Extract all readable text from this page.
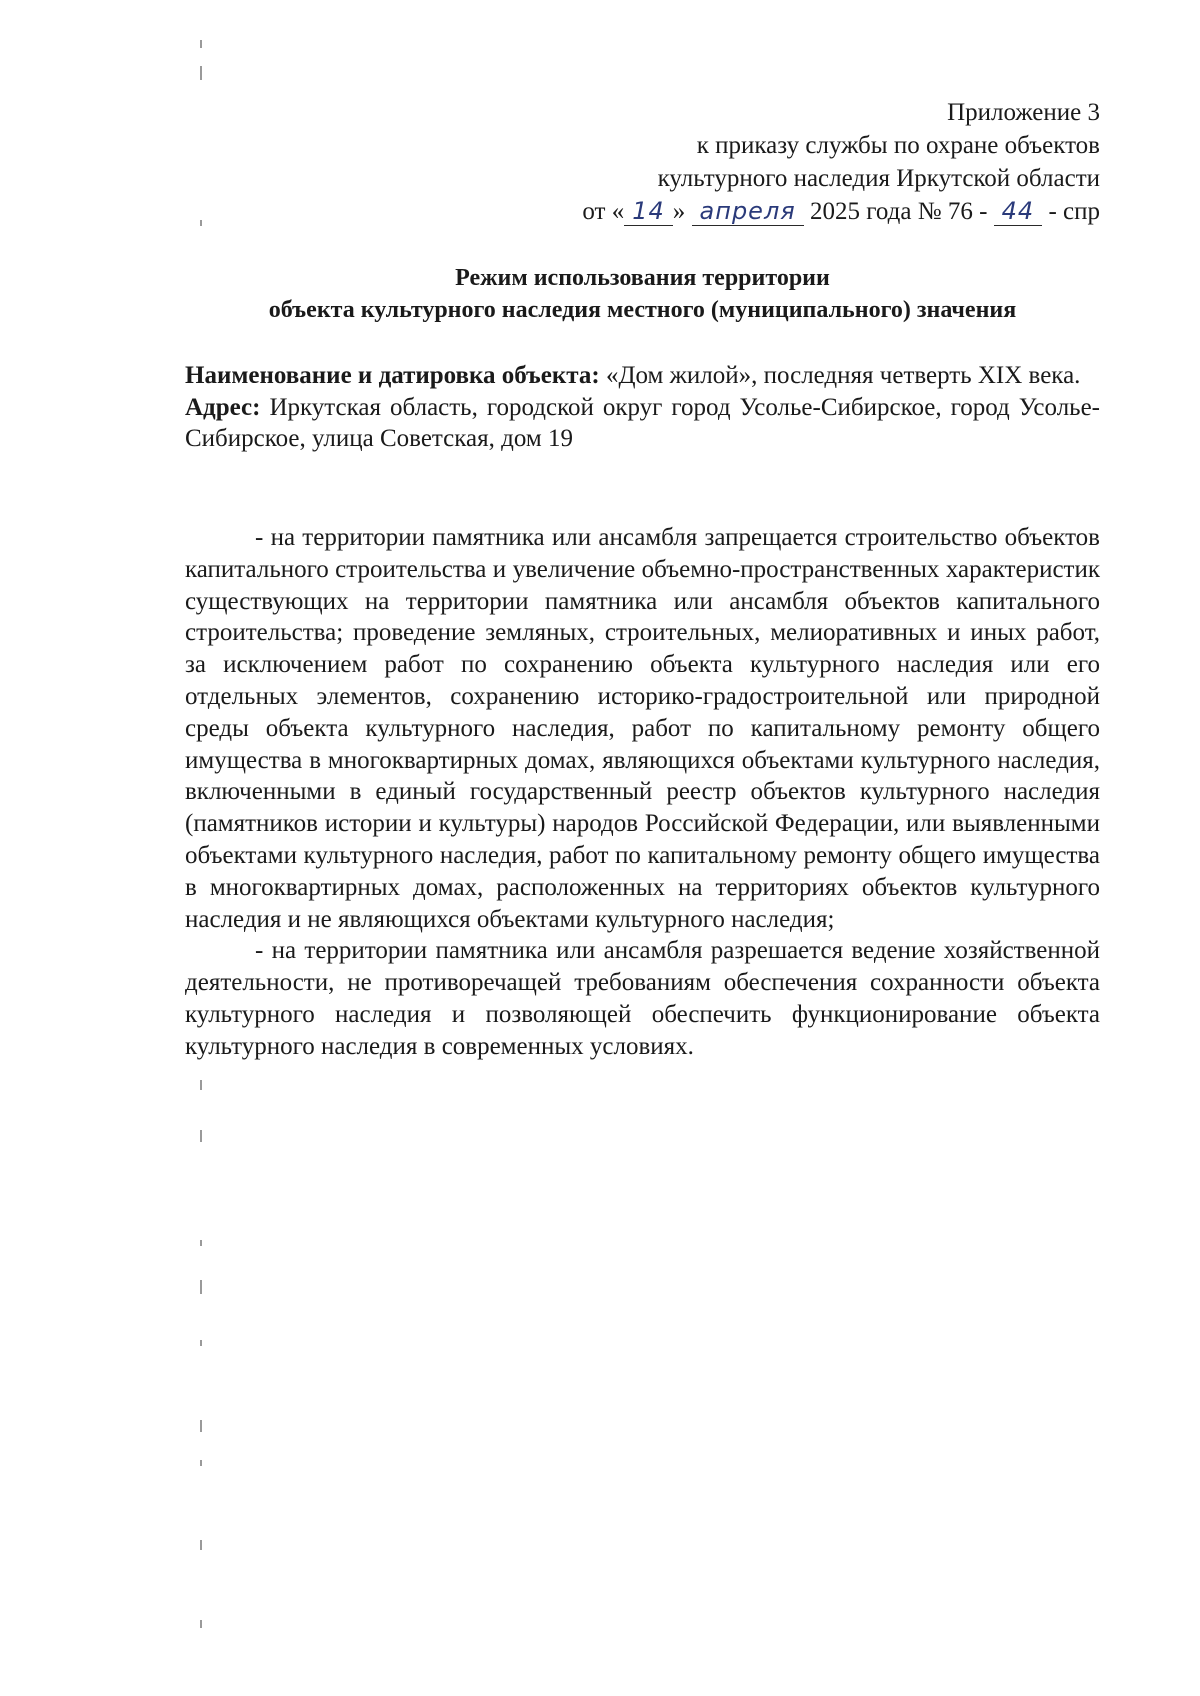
Приложение 3
к приказу службы по охране объектов
культурного наследия Иркутской области
от « 14 » апреля 2025 года № 76 - 44 - спр
Режим использования территории
объекта культурного наследия местного (муниципального) значения

Наименование и датировка объекта: «Дом жилой», последняя четверть XIX века.

Адрес: Иркутская область, городской округ город Усолье-Сибирское, город Усолье-Сибирское, улица Советская, дом 19

- на территории памятника или ансамбля запрещается строительство объектов капитального строительства и увеличение объемно-пространственных характеристик существующих на территории памятника или ансамбля объектов капитального строительства; проведение земляных, строительных, мелиоративных и иных работ, за исключением работ по сохранению объекта культурного наследия или его отдельных элементов, сохранению историко-градостроительной или природной среды объекта культурного наследия, работ по капитальному ремонту общего имущества в многоквартирных домах, являющихся объектами культурного наследия, включенными в единый государственный реестр объектов культурного наследия (памятников истории и культуры) народов Российской Федерации, или выявленными объектами культурного наследия, работ по капитальному ремонту общего имущества в многоквартирных домах, расположенных на территориях объектов культурного наследия и не являющихся объектами культурного наследия;

- на территории памятника или ансамбля разрешается ведение хозяйственной деятельности, не противоречащей требованиям обеспечения сохранности объекта культурного наследия и позволяющей обеспечить функционирование объекта культурного наследия в современных условиях.
